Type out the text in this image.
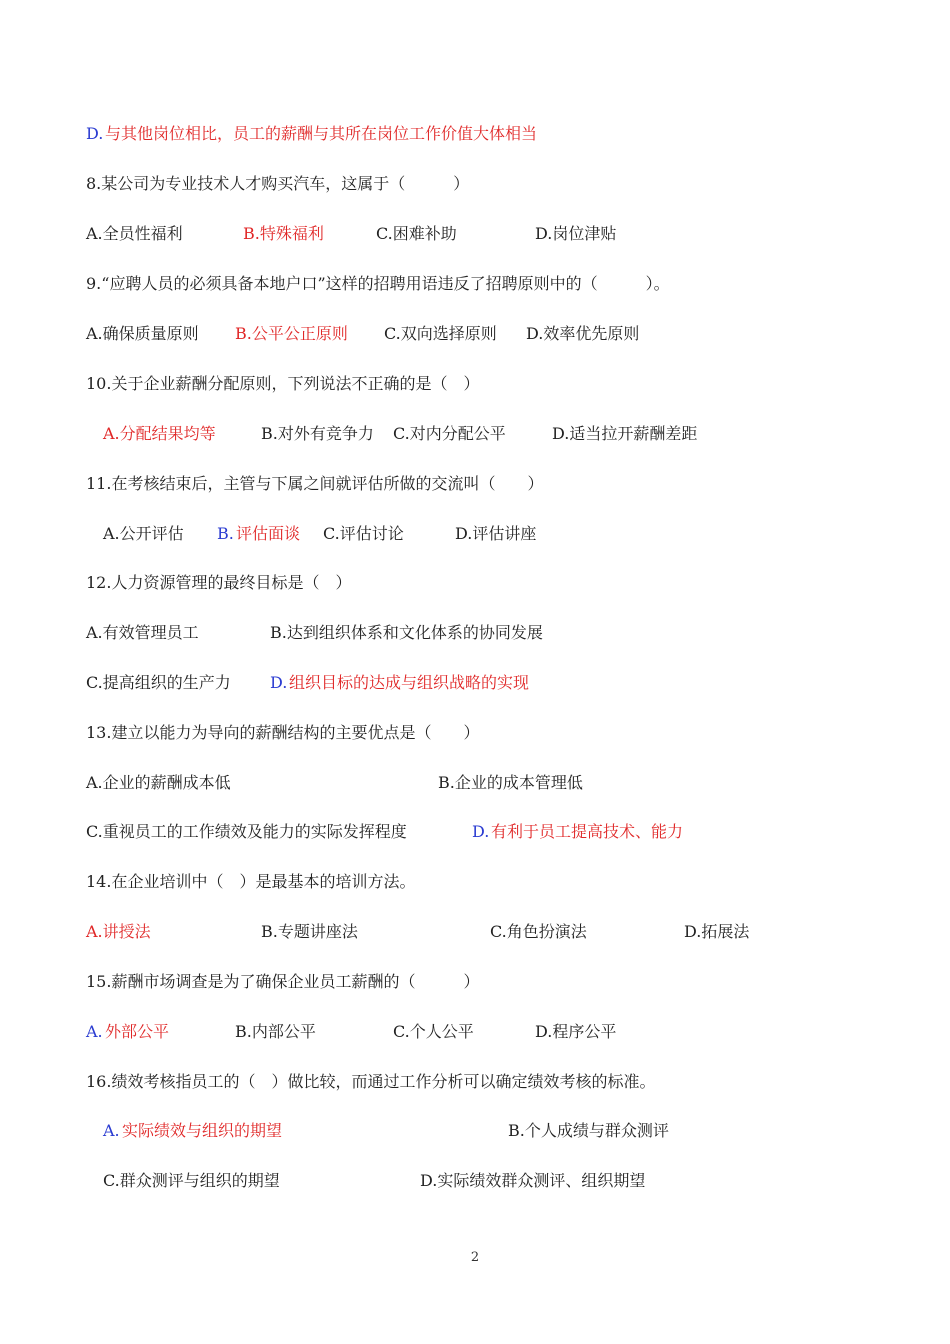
D. 与其他岗位相比，员工的薪酬与其所在岗位工作价值大体相当
8.某公司为专业技术人才购买汽车，这属于（　　　）
A.全员性福利	B.特殊福利	C.困难补助	D.岗位津贴
9.“应聘人员的必须具备本地户口”这样的招聘用语违反了招聘原则中的（　　　）。
A.确保质量原则 B.公平公正原则 C.双向选择原则 D.效率优先原则
10.关于企业薪酬分配原则，下列说法不正确的是（　）
A.分配结果均等	B.对外有竞争力 C.对内分配公平	D.适当拉开薪酬差距
11.在考核结束后，主管与下属之间就评估所做的交流叫（　　）
A.公开评估 B. 评估面谈 C.评估讨论	D.评估讲座
12.人力资源管理的最终目标是（　）
A.有效管理员工	B.达到组织体系和文化体系的协同发展
C.提高组织的生产力 D. 组织目标的达成与组织战略的实现
13.建立以能力为导向的薪酬结构的主要优点是（　　）
A.企业的薪酬成本低	B.企业的成本管理低
C.重视员工的工作绩效及能力的实际发挥程度	D. 有利于员工提高技术、能力
14.在企业培训中（　）是最基本的培训方法。
A.讲授法	B.专题讲座法	C.角色扮演法	D.拓展法
15.薪酬市场调查是为了确保企业员工薪酬的（　　　）
A. 外部公平	B.内部公平	C.个人公平	D.程序公平
16.绩效考核指员工的（　）做比较，而通过工作分析可以确定绩效考核的标准。
A. 实际绩效与组织的期望	B.个人成绩与群众测评
C.群众测评与组织的期望	D.实际绩效群众测评、组织期望
2
